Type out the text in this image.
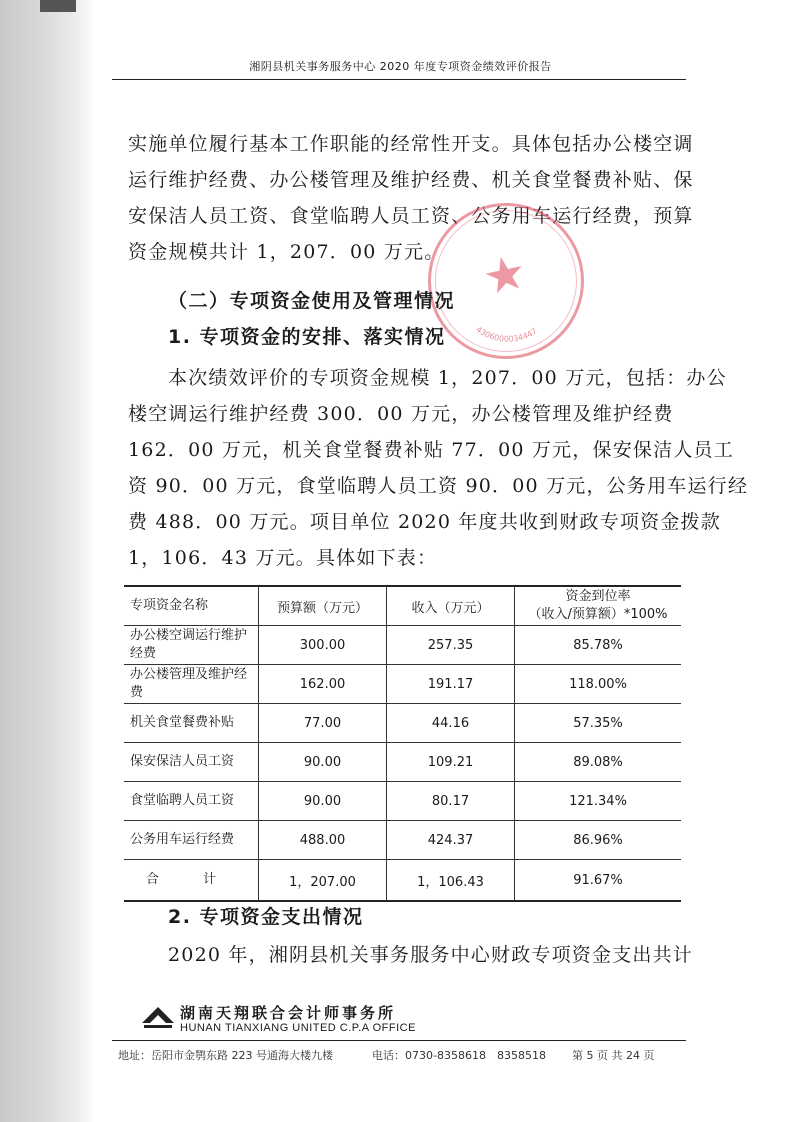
湘阴县机关事务服务中心 2020 年度专项资金绩效评价报告

实施单位履行基本工作职能的经常性开支。具体包括办公楼空调
运行维护经费、办公楼管理及维护经费、机关食堂餐费补贴、保
安保洁人员工资、食堂临聘人员工资、公务用车运行经费，预算
资金规模共计 1，207．00 万元。

4306000034447
★
（二）专项资金使用及管理情况
1. 专项资金的安排、落实情况

本次绩效评价的专项资金规模 1，207．00 万元，包括：办公
楼空调运行维护经费 300．00 万元，办公楼管理及维护经费
162．00 万元，机关食堂餐费补贴 77．00 万元，保安保洁人员工
资 90．00 万元，食堂临聘人员工资 90．00 万元，公务用车运行经
费 488．00 万元。项目单位 2020 年度共收到财政专项资金拨款
1，106．43 万元。具体如下表：

专项资金名称	预算额（万元）	收入（万元）	资金到位率
（收入/预算额）*100%
办公楼空调运行维护经费	300.00	257.35	85.78%
办公楼管理及维护经费	162.00	191.17	118.00%
机关食堂餐费补贴	77.00	44.16	57.35%
保安保洁人员工资	90.00	109.21	89.08%
食堂临聘人员工资	90.00	80.17	121.34%
公务用车运行经费	488.00	424.37	86.96%
合 计	1，207.00	1，106.43	91.67%
2. 专项资金支出情况

2020 年，湘阴县机关事务服务中心财政专项资金支出共计

湖南天翔联合会计师事务所
HUNAN TIANXIANG UNITED C.P.A OFFICE
地址：岳阳市金鹗东路 223 号通海大楼九楼	电话：0730-8358618　8358518 第 5 页 共 24 页
